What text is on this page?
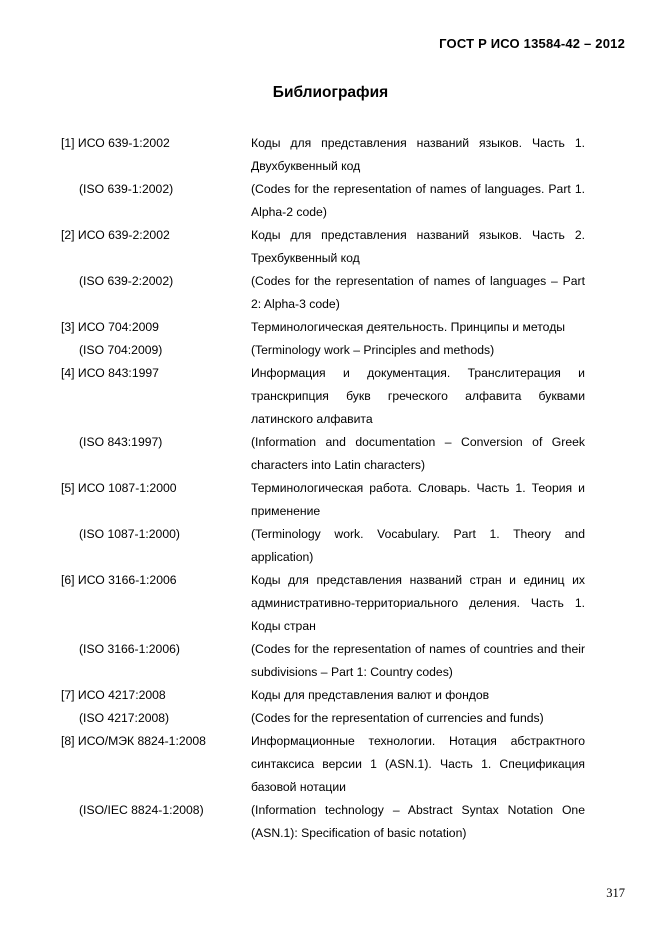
ГОСТ Р ИСО 13584-42 – 2012
Библиография
[1] ИСО 639-1:2002	Коды для представления названий языков. Часть 1. Двухбуквенный код
(ISO 639-1:2002)	(Codes for the representation of names of languages. Part 1. Alpha-2 code)
[2] ИСО 639-2:2002	Коды для представления названий языков. Часть 2. Трехбуквенный код
(ISO 639-2:2002)	(Codes for the representation of names of languages – Part 2: Alpha-3 code)
[3] ИСО 704:2009	Терминологическая деятельность. Принципы и методы
(ISO 704:2009)	(Terminology work – Principles and methods)
[4] ИСО 843:1997	Информация и документация. Транслитерация и транскрипция букв греческого алфавита буквами латинского алфавита
(ISO 843:1997)	(Information and documentation – Conversion of Greek characters into Latin characters)
[5] ИСО 1087-1:2000	Терминологическая работа. Словарь. Часть 1. Теория и применение
(ISO 1087-1:2000)	(Terminology work. Vocabulary. Part 1. Theory and application)
[6] ИСО 3166-1:2006	Коды для представления названий стран и единиц их административно-территориального деления. Часть 1. Коды стран
(ISO 3166-1:2006)	(Codes for the representation of names of countries and their subdivisions – Part 1: Country codes)
[7] ИСО 4217:2008	Коды для представления валют и фондов
(ISO 4217:2008)	(Codes for the representation of currencies and funds)
[8] ИСО/МЭК 8824-1:2008	Информационные технологии. Нотация абстрактного синтаксиса версии 1 (ASN.1). Часть 1. Спецификация базовой нотации
(ISO/IEC 8824-1:2008)	(Information technology – Abstract Syntax Notation One (ASN.1): Specification of basic notation)
317
